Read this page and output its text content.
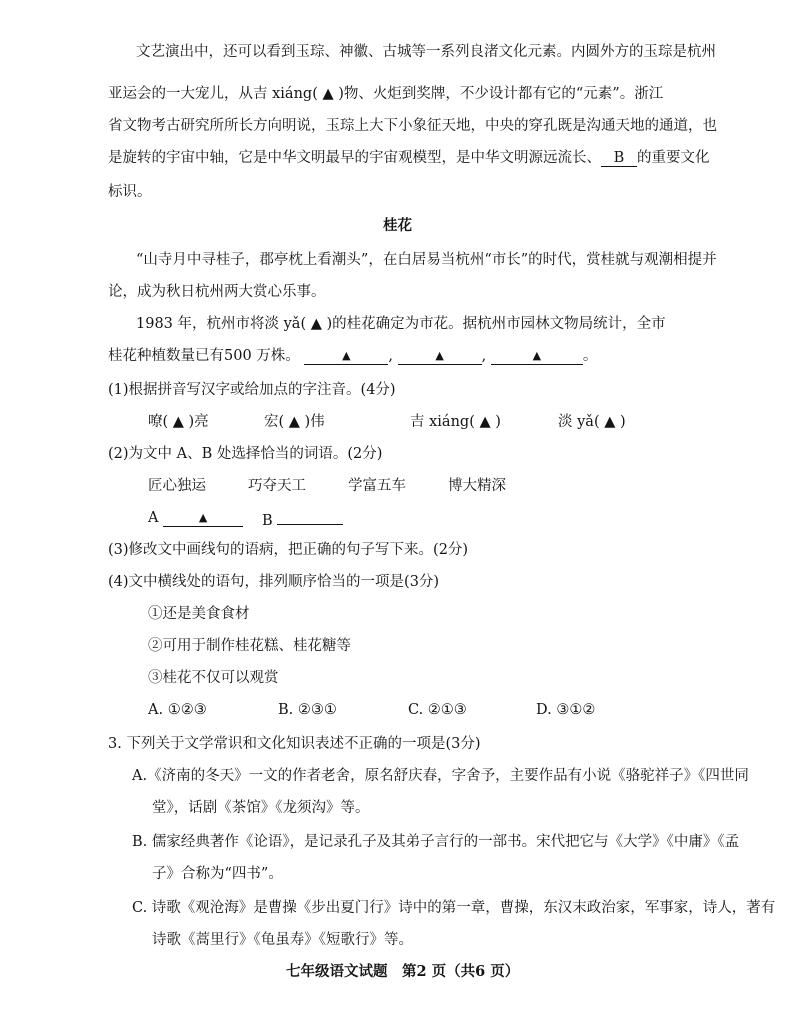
文艺演出中，还可以看到玉琮、神徽、古城等一系列良渚文化元素。内圆外方的玉琮是杭州
亚运会的一大宠儿，从吉 xiáng( ▲ )物、火炬到奖牌，不少设计都有它的“元素”。浙江
省文物考古研究所所长方向明说，玉琮上大下小象征天地，中央的穿孔既是沟通天地的通道，也
是旋转的宇宙中轴，它是中华文明最早的宇宙观模型，是中华文明源远流长、 B 的重要文化
标识。
桂花
“山寺月中寻桂子，郡亭枕上看潮头”，在白居易当杭州“市长”的时代，赏桂就与观潮相提并
论，成为秋日杭州两大赏心乐事。
1983 年，杭州市将淡 yǎ( ▲ )的桂花确定为市花。据杭州市园林文物局统计，全市
桂花种植数量已有500 万株。	▲	,	▲	,	▲	。
(1)根据拼音写汉字或给加点的字注音。(4分)
嘹( ▲ )亮	宏( ▲ )伟	吉 xiáng( ▲ )	淡 yǎ( ▲ )
(2)为文中 A、B 处选择恰当的词语。(2分)
匠心独运	巧夺天工	学富五车	博大精深
A	▲	B
(3)修改文中画线句的语病，把正确的句子写下来。(2分)
(4)文中横线处的语句，排列顺序恰当的一项是(3分)
①还是美食食材
②可用于制作桂花糕、桂花糖等
③桂花不仅可以观赏
A. ①②③	B. ②③①	C. ②①③	D. ③①②
3. 下列关于文学常识和文化知识表述不正确的一项是(3分)
A.《济南的冬天》一文的作者老舍，原名舒庆春，字舍予，主要作品有小说《骆驼祥子》《四世同
堂》，话剧《茶馆》《龙须沟》等。
B. 儒家经典著作《论语》，是记录孔子及其弟子言行的一部书。宋代把它与《大学》《中庸》《孟
子》合称为“四书”。
C. 诗歌《观沧海》是曹操《步出夏门行》诗中的第一章，曹操，东汉末政治家，军事家，诗人，著有
诗歌《蒿里行》《龟虽寿》《短歌行》等。
七年级语文试题　第2 页（共6 页）
